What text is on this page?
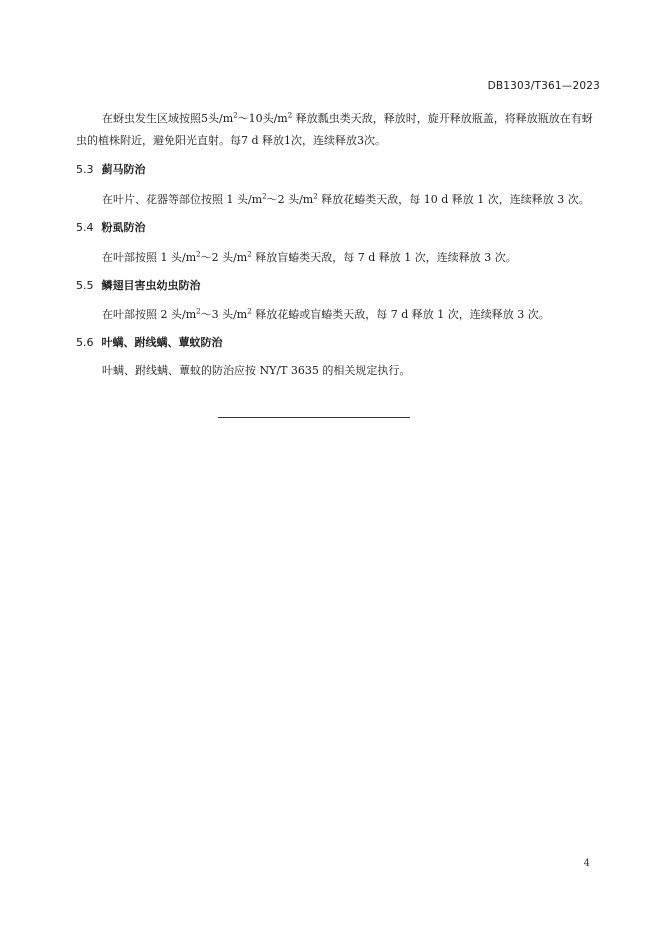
DB1303/T361—2023

在蚜虫发生区域按照5头$/m^2\sim 10$头$/m^2$ 释放瓢虫类天敌，释放时，旋开释放瓶盖，将释放瓶放在有蚜虫的植株附近，避免阳光直射。每7 d 释放1次，连续释放3次。

5.3 蓟马防治

在叶片、花器等部位按照 1 头$/m^2\sim 2$ 头$/m^2$ 释放花蝽类天敌，每 10 d 释放 1 次，连续释放 3 次。

5.4 粉虱防治

在叶部按照 1 头$/m^2\sim 2$ 头$/m^2$ 释放盲蝽类天敌，每 7 d 释放 1 次，连续释放 3 次。

5.5 鳞翅目害虫幼虫防治

在叶部按照 2 头$/m^2\sim 3$ 头$/m^2$ 释放花蝽或盲蝽类天敌，每 7 d 释放 1 次，连续释放 3 次。

5.6 叶螨、跗线螨、蕈蚊防治

叶螨、跗线螨、蕈蚊的防治应按 NY/T 3635 的相关规定执行。

4
